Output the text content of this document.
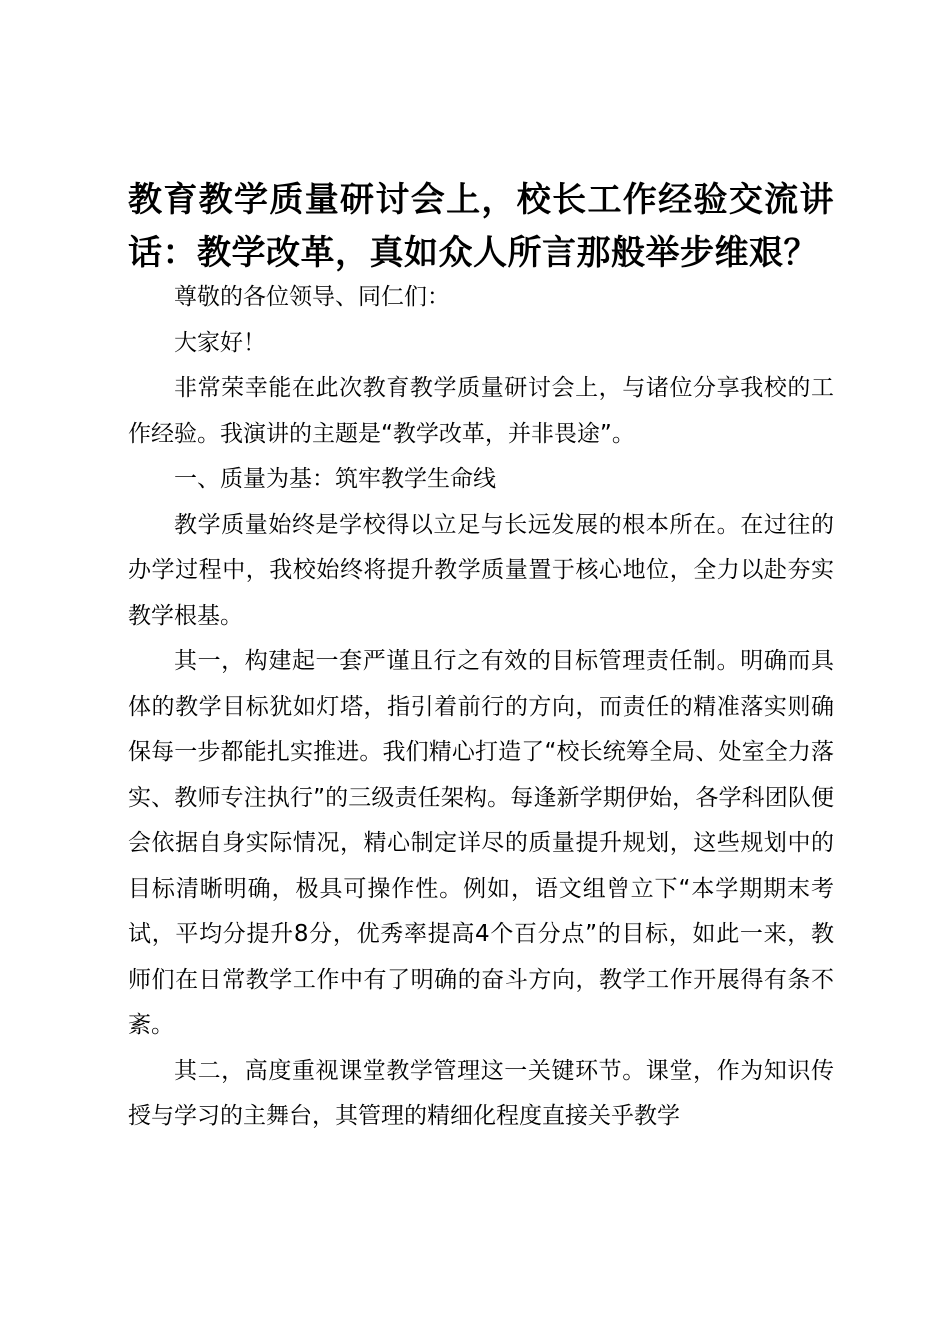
教育教学质量研讨会上，校长工作经验交流讲话：教学改革，真如众人所言那般举步维艰？

尊敬的各位领导、同仁们：

大家好！

非常荣幸能在此次教育教学质量研讨会上，与诸位分享我校的工作经验。我演讲的主题是“教学改革，并非畏途”。

一、质量为基：筑牢教学生命线

教学质量始终是学校得以立足与长远发展的根本所在。在过往的办学过程中，我校始终将提升教学质量置于核心地位，全力以赴夯实教学根基。

其一，构建起一套严谨且行之有效的目标管理责任制。明确而具体的教学目标犹如灯塔，指引着前行的方向，而责任的精准落实则确保每一步都能扎实推进。我们精心打造了“校长统筹全局、处室全力落实、教师专注执行”的三级责任架构。每逢新学期伊始，各学科团队便会依据自身实际情况，精心制定详尽的质量提升规划，这些规划中的目标清晰明确，极具可操作性。例如，语文组曾立下“本学期期末考试，平均分提升8分，优秀率提高4个百分点”的目标，如此一来，教师们在日常教学工作中有了明确的奋斗方向，教学工作开展得有条不紊。

其二，高度重视课堂教学管理这一关键环节。课堂，作为知识传授与学习的主舞台，其管理的精细化程度直接关乎教学
